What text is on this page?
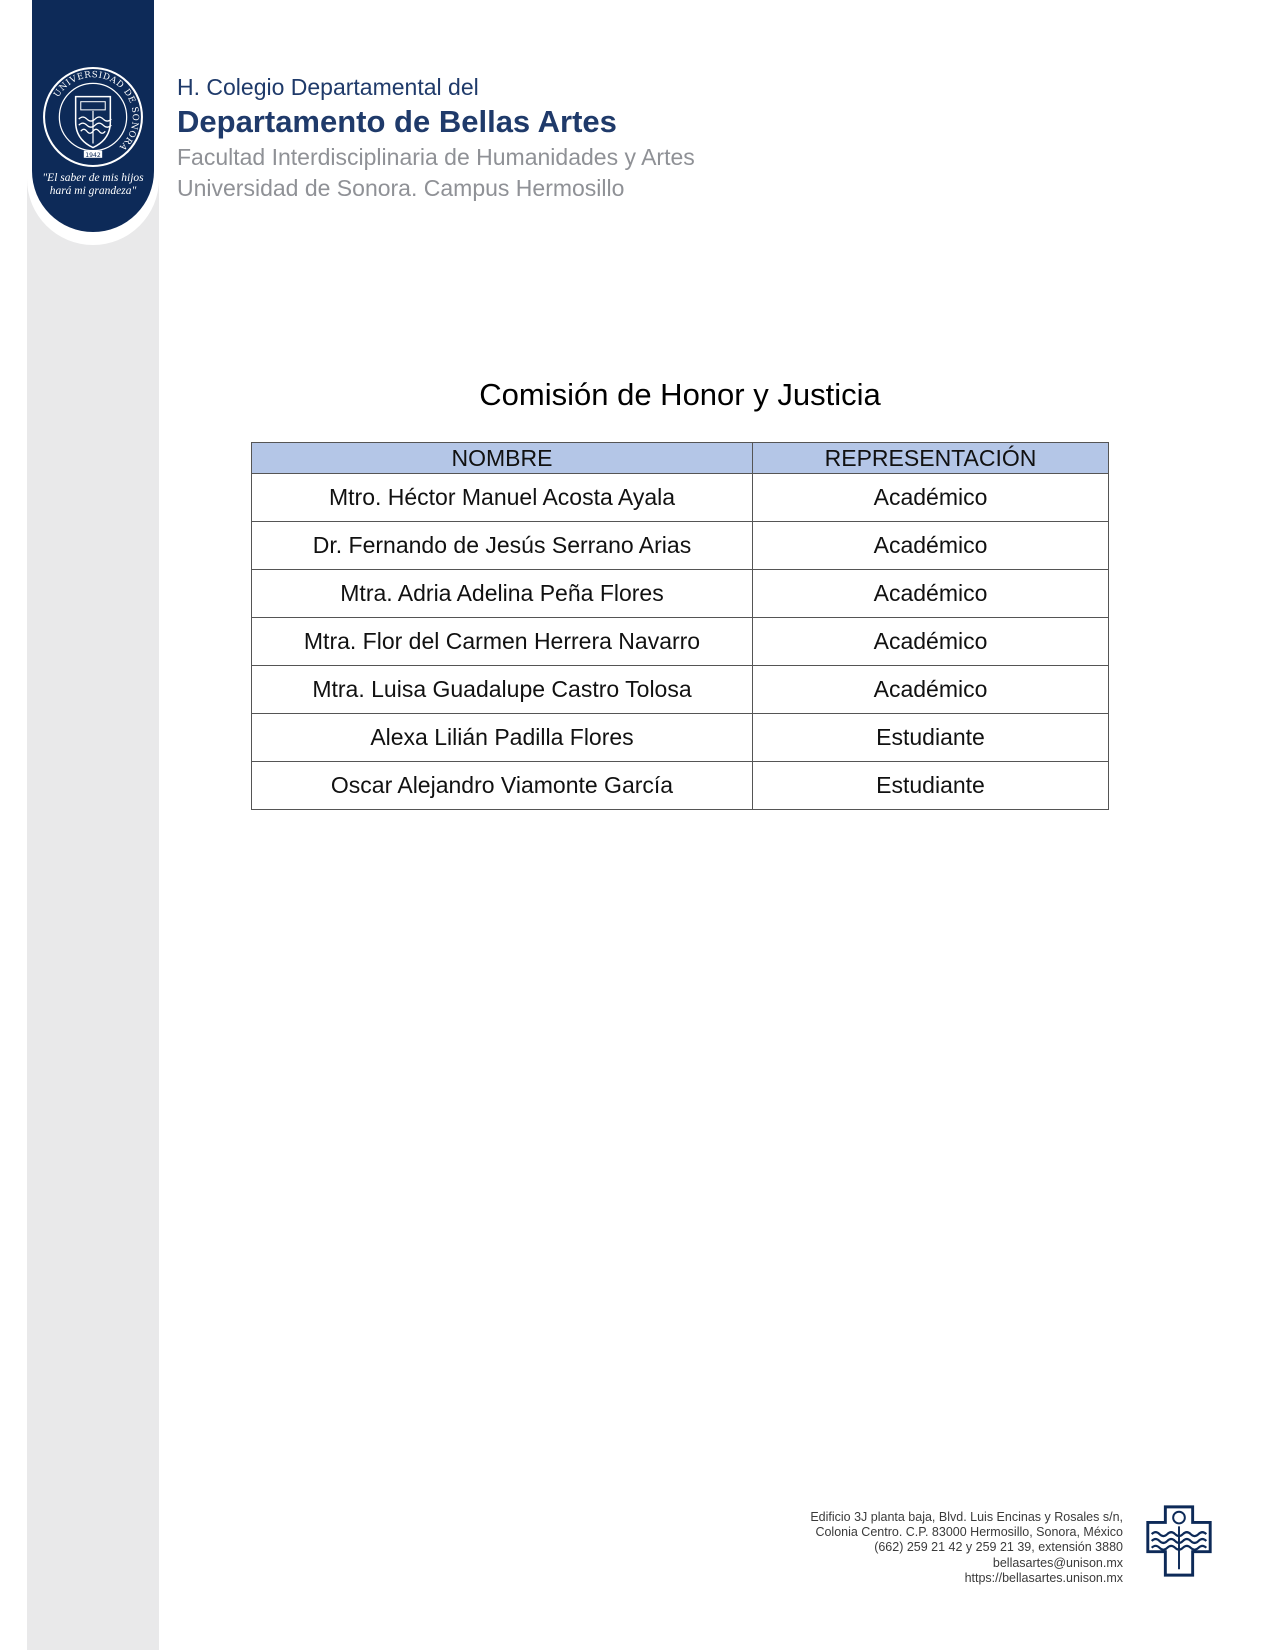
UNIVERSIDAD DE SONORA
1942
"El saber de mis hijos
hará mi grandeza"

H. Colegio Departamental del

Departamento de Bellas Artes

Facultad Interdisciplinaria de Humanidades y Artes

Universidad de Sonora. Campus Hermosillo

Comisión de Honor y Justicia
NOMBRE	REPRESENTACIÓN
Mtro. Héctor Manuel Acosta Ayala	Académico
Dr. Fernando de Jesús Serrano Arias	Académico
Mtra. Adria Adelina Peña Flores	Académico
Mtra. Flor del Carmen Herrera Navarro	Académico
Mtra. Luisa Guadalupe Castro Tolosa	Académico
Alexa Lilián Padilla Flores	Estudiante
Oscar Alejandro Viamonte García	Estudiante
Edificio 3J planta baja, Blvd. Luis Encinas y Rosales s/n,
Colonia Centro. C.P. 83000 Hermosillo, Sonora, México
(662) 259 21 42 y 259 21 39, extensión 3880
bellasartes@unison.mx
https://bellasartes.unison.mx
